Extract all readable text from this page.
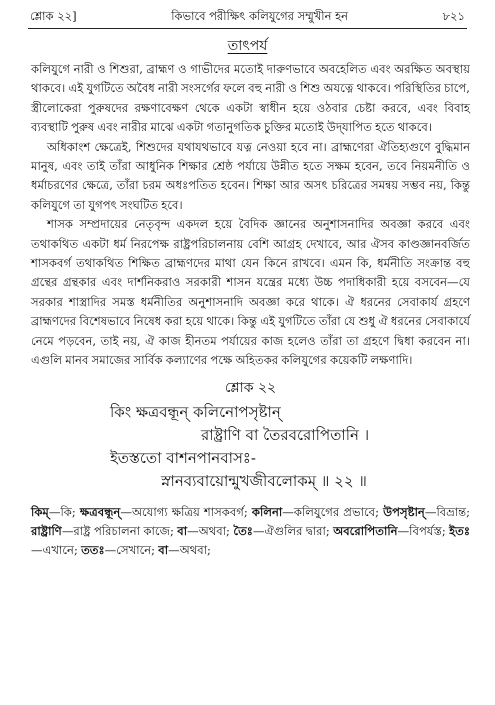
শ্লোক ২২]	কিভাবে পরীক্ষিৎ কলিযুগের সম্মুখীন হন	৮২১
তাৎপর্য

কলিযুগে নারী ও শিশুরা, ব্রাহ্মণ ও গাভীদের মতোই দারুণভাবে অবহেলিত এবং অরক্ষিত অবস্থায় থাকবে। এই যুগটিতে অবৈধ নারী সংসর্গের ফলে বহু নারী ও শিশু অযত্নে থাকবে। পরিস্থিতির চাপে, স্ত্রীলোকেরা পুরুষদের রক্ষণাবেক্ষণ থেকে একটা স্বাধীন হয়ে ওঠবার চেষ্টা করবে, এবং বিবাহ ব্যবস্থাটি পুরুষ এবং নারীর মাঝে একটা গতানুগতিক চুক্তির মতোই উদ্‌যাপিত হতে থাকবে।

অধিকাংশ ক্ষেত্রেই, শিশুদের যথাযথভাবে যত্ন নেওয়া হবে না। ব্রাহ্মণেরা ঐতিহ্যগুণে বুদ্ধিমান মানুষ, এবং তাই তাঁরা আধুনিক শিক্ষার শ্রেষ্ঠ পর্যায়ে উন্নীত হতে সক্ষম হবেন, তবে নিয়মনীতি ও ধর্মাচরণের ক্ষেত্রে, তাঁরা চরম অধঃপতিত হবেন। শিক্ষা আর অসৎ চরিত্রের সমন্বয় সম্ভব নয়, কিন্তু কলিযুগে তা যুগপৎ সংঘটিত হবে।

শাসক সম্প্রদায়ের নেতৃবৃন্দ একদল হয়ে বৈদিক জ্ঞানের অনুশাসনাদির অবজ্ঞা করবে এবং তথাকথিত একটা ধর্ম নিরপেক্ষ রাষ্ট্রপরিচালনায় বেশি আগ্রহ দেখাবে, আর ঐসব কাণ্ডজ্ঞানবর্জিত শাসকবর্গ তথাকথিত শিক্ষিত ব্রাহ্মণদের মাথা যেন কিনে রাখবে। এমন কি, ধর্মনীতি সংক্রান্ত বহু গ্রন্থের গ্রন্থকার এবং দার্শনিকরাও সরকারী শাসন যন্ত্রের মধ্যে উচ্চ পদাধিকারী হয়ে বসবেন—যে সরকার শাস্ত্রাদির সমস্ত ধর্মনীতির অনুশাসনাদি অবজ্ঞা করে থাকে। ঐ ধরনের সেবাকার্য গ্রহণে ব্রাহ্মণদের বিশেষভাবে নিষেধ করা হয়ে থাকে। কিন্তু এই যুগটিতে তাঁরা যে শুধু ঐ ধরনের সেবাকার্যে নেমে পড়বেন, তাই নয়, ঐ কাজ হীনতম পর্যায়ের কাজ হলেও তাঁরা তা গ্রহণে দ্বিধা করবেন না। এগুলি মানব সমাজের সার্বিক কল্যাণের পক্ষে অহিতকর কলিযুগের কয়েকটি লক্ষণাদি।

শ্লোক ২২
কিং ক্ষত্রবন্ধূন্ কলিনোপসৃষ্টান্
রাষ্ট্রাণি বা তৈরবরোপিতানি ।
ইতস্ততো বাশনপানবাসঃ-
স্নানব্যবায়োন্মুখজীবলোকম্ ॥ ২২ ॥
কিম্—কি; ক্ষত্রবন্ধূন্—অযোগ্য ক্ষত্রিয় শাসকবর্গ; কলিনা—কলিযুগের প্রভাবে; উপসৃষ্টান্—বিভ্রান্ত; রাষ্ট্রাণি—রাষ্ট্র পরিচালনা কাজে; বা—অথবা; তৈঃ—ঐগুলির দ্বারা; অবরোপিতানি—বিপর্যস্ত; ইতঃ—এখানে; ততঃ—সেখানে; বা—অথবা;
